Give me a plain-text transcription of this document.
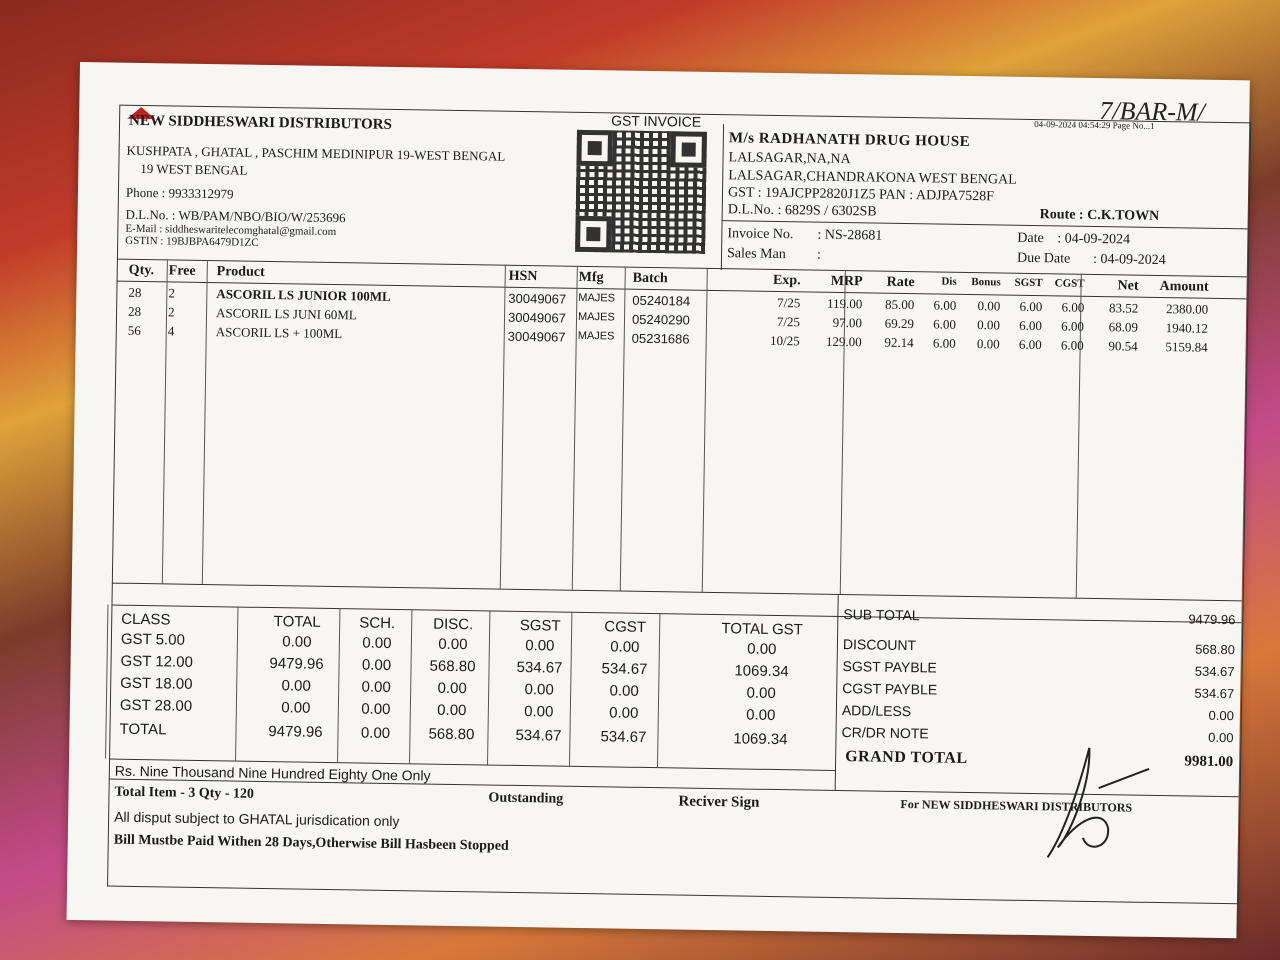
GST INVOICE	04-09-2024 04:54:29 Page No...1
7/BAR-M/
NEW SIDDHESWARI DISTRIBUTORS
KUSHPATA , GHATAL , PASCHIM MEDINIPUR 19-WEST BENGAL
19 WEST BENGAL
Phone : 9933312979
D.L.No. : WB/PAM/NBO/BIO/W/253696
E-Mail : siddheswaritelecomghatal@gmail.com
GSTIN : 19BJBPA6479D1ZC
M/s RADHANATH DRUG HOUSE
LALSAGAR,NA,NA
LALSAGAR,CHANDRAKONA WEST BENGAL
GST : 19AJCPP2820J1Z5 PAN : ADJPA7528F
D.L.No. : 6829S / 6302SB	Route : C.K.TOWN
Invoice No. : NS-28681	Date : 04-09-2024
Sales Man :	Due Date : 04-09-2024
Qty.	Free	Product	HSN	Mfg	Batch	Exp.	MRP	Rate	Dis	Bonus	SGST	CGST	Net	Amount
28	2	ASCORIL LS JUNIOR 100ML	30049067	MAJES	05240184	7/25	119.00	85.00	6.00	0.00	6.00	6.00	83.52	2380.00
28	2	ASCORIL LS JUNI 60ML	30049067	MAJES	05240290	7/25	97.00	69.29	6.00	0.00	6.00	6.00	68.09	1940.12
56	4	ASCORIL LS + 100ML	30049067	MAJES	05231686	10/25	129.00	92.14	6.00	0.00	6.00	6.00	90.54	5159.84
CLASS	TOTAL	SCH.	DISC.	SGST	CGST	TOTAL GST
GST 5.00	0.00	0.00	0.00	0.00	0.00	0.00
GST 12.00	9479.96	0.00	568.80	534.67	534.67	1069.34
GST 18.00	0.00	0.00	0.00	0.00	0.00	0.00
GST 28.00	0.00	0.00	0.00	0.00	0.00	0.00
TOTAL	9479.96	0.00	568.80	534.67	534.67	1069.34
SUB TOTAL	9479.96
DISCOUNT	568.80
SGST PAYBLE	534.67
CGST PAYBLE	534.67
ADD/LESS	0.00
CR/DR NOTE	0.00
GRAND TOTAL	9981.00
Rs. Nine Thousand Nine Hundred Eighty One Only
Total Item - 3 Qty - 120	Outstanding	Reciver Sign	For NEW SIDDHESWARI DISTRIBUTORS
All disput subject to GHATAL jurisdication only
Bill Mustbe Paid Withen 28 Days,Otherwise Bill Hasbeen Stopped
